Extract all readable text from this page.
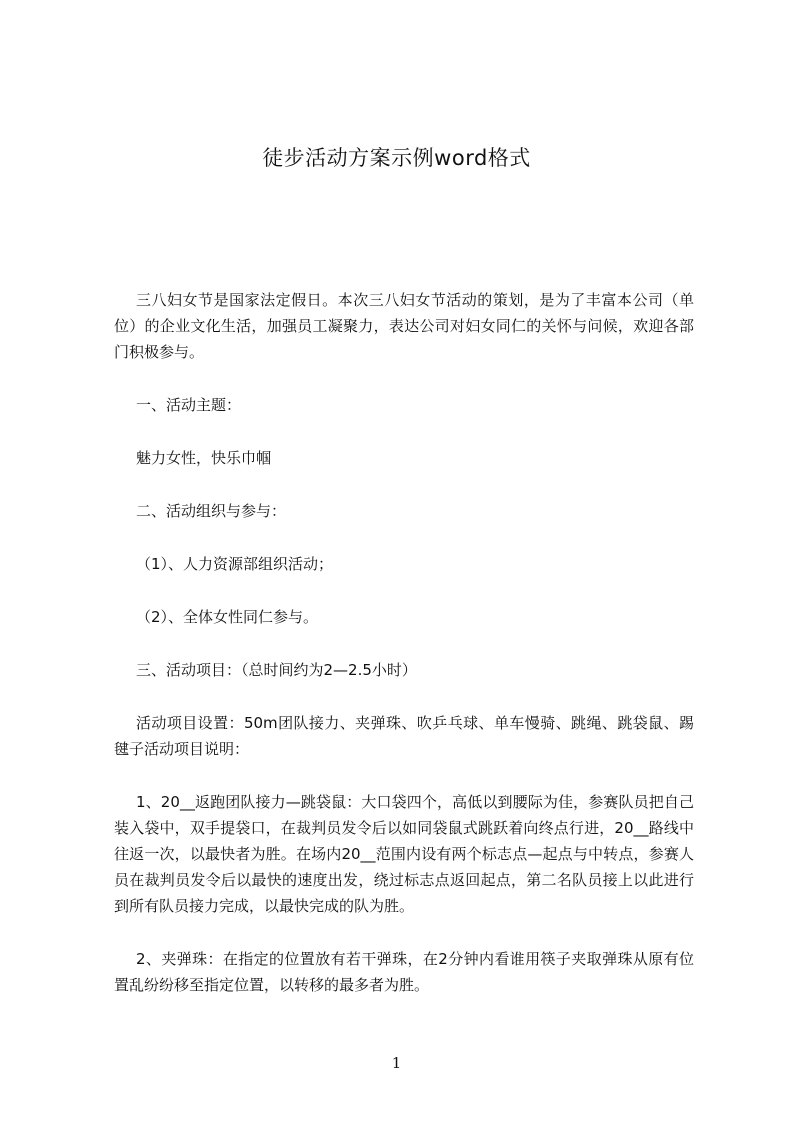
徒步活动方案示例word格式

三八妇女节是国家法定假日。本次三八妇女节活动的策划，是为了丰富本公司（单位）的企业文化生活，加强员工凝聚力，表达公司对妇女同仁的关怀与问候，欢迎各部门积极参与。

一、活动主题：

魅力女性，快乐巾帼

二、活动组织与参与：

（1）、人力资源部组织活动；

（2）、全体女性同仁参与。

三、活动项目：（总时间约为2—2.5小时）

活动项目设置：50m团队接力、夹弹珠、吹乒乓球、单车慢骑、跳绳、跳袋鼠、踢毽子活动项目说明：

1、20__返跑团队接力—跳袋鼠：大口袋四个，高低以到腰际为佳，参赛队员把自己装入袋中，双手提袋口，在裁判员发令后以如同袋鼠式跳跃着向终点行进，20__路线中往返一次，以最快者为胜。在场内20__范围内设有两个标志点—起点与中转点，参赛人员在裁判员发令后以最快的速度出发，绕过标志点返回起点，第二名队员接上以此进行到所有队员接力完成，以最快完成的队为胜。

2、夹弹珠：在指定的位置放有若干弹珠，在2分钟内看谁用筷子夹取弹珠从原有位置乱纷纷移至指定位置，以转移的最多者为胜。

1
